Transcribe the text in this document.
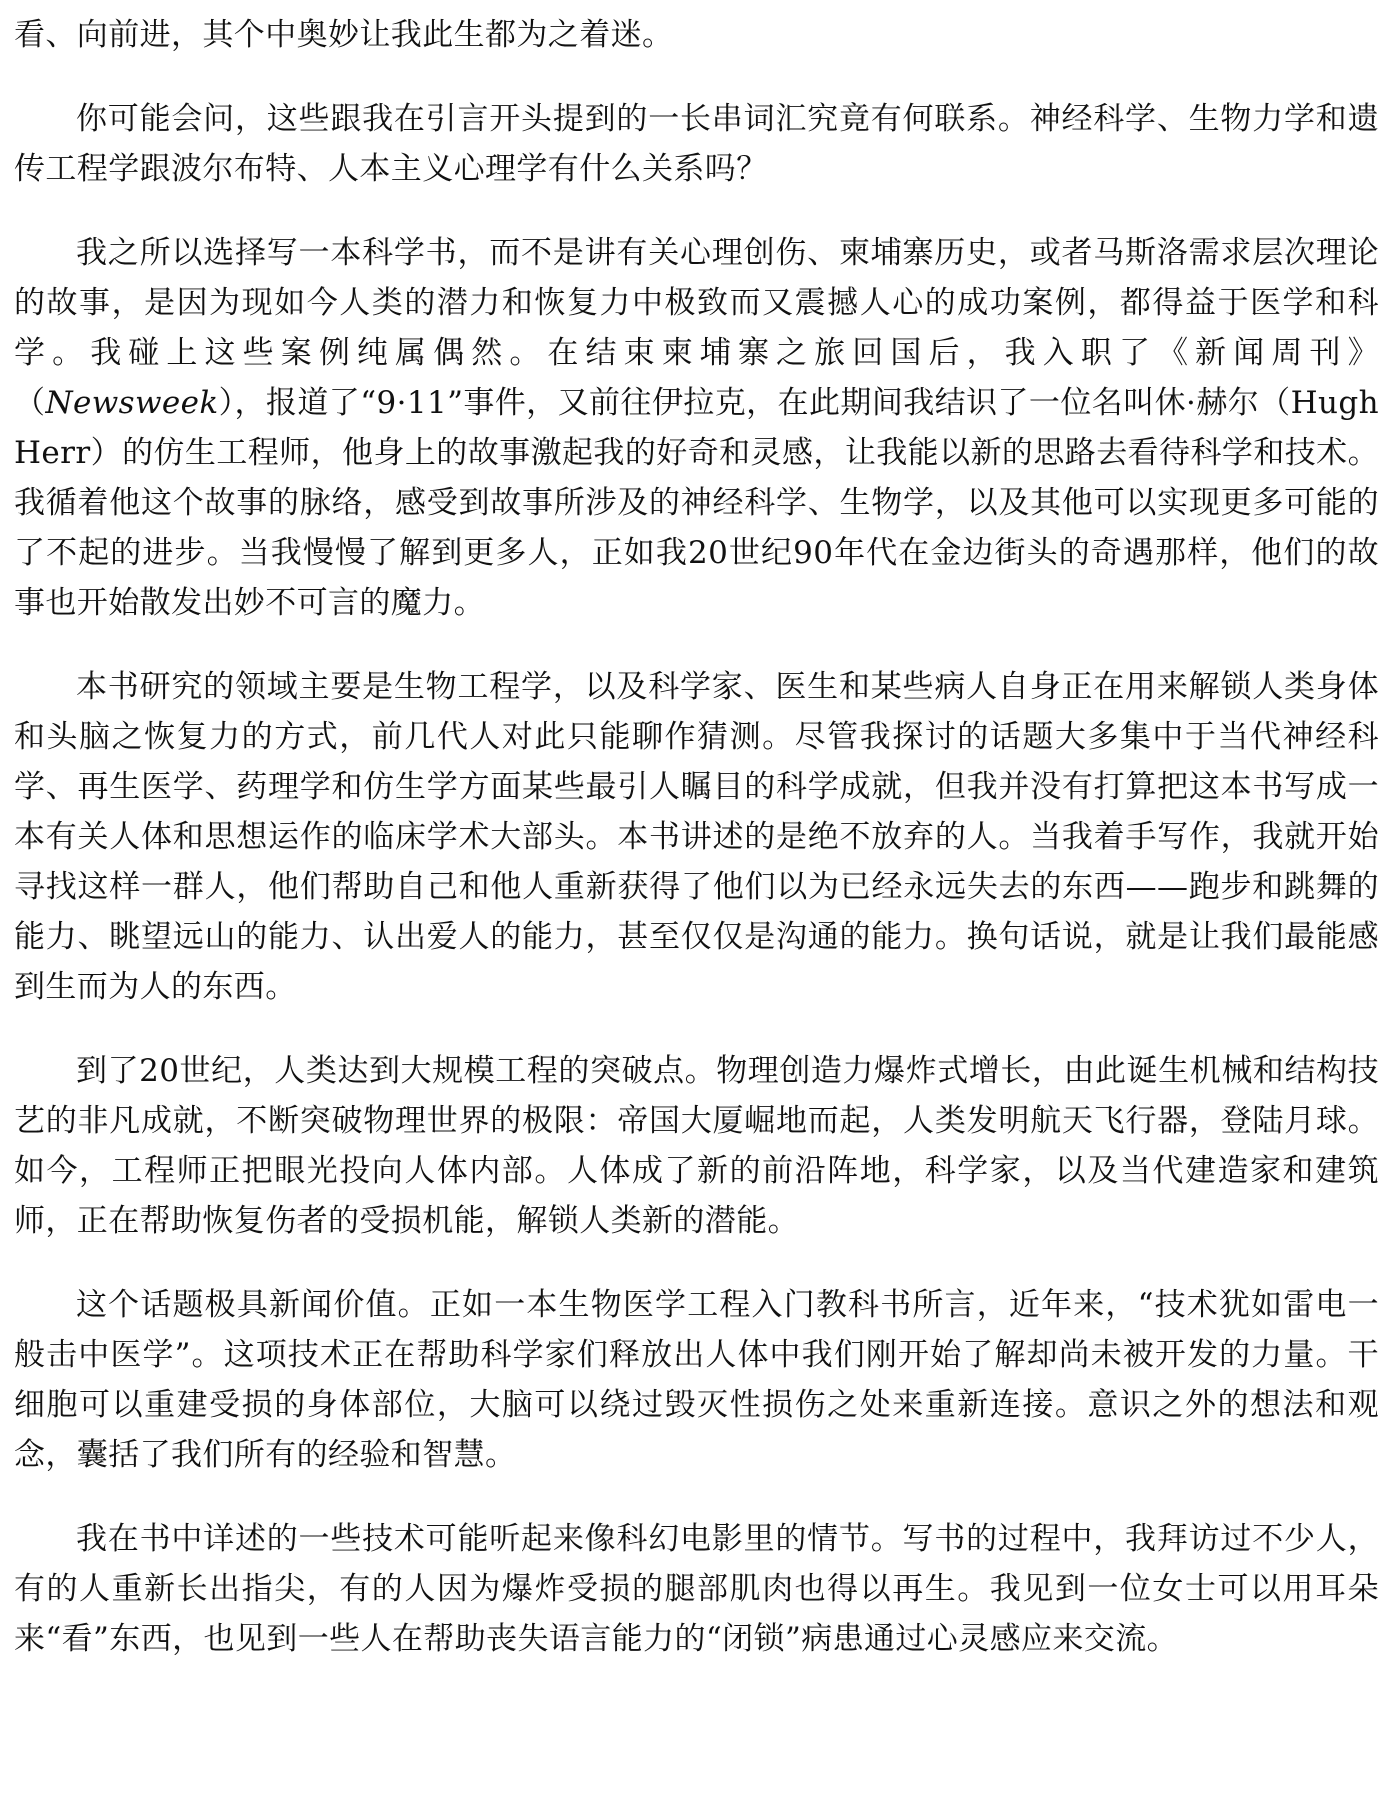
看、向前进，其个中奥妙让我此生都为之着迷。

你可能会问，这些跟我在引言开头提到的一长串词汇究竟有何联系。神经科学、生物力学和遗传工程学跟波尔布特、人本主义心理学有什么关系吗？

我之所以选择写一本科学书，而不是讲有关心理创伤、柬埔寨历史，或者马斯洛需求层次理论的故事，是因为现如今人类的潜力和恢复力中极致而又震撼人心的成功案例，都得益于医学和科学。我碰上这些案例纯属偶然。在结束柬埔寨之旅回国后，我入职了《新闻周刊》（Newsweek），报道了“9·11”事件，又前往伊拉克，在此期间我结识了一位名叫休·赫尔（Hugh Herr）的仿生工程师，他身上的故事激起我的好奇和灵感，让我能以新的思路去看待科学和技术。我循着他这个故事的脉络，感受到故事所涉及的神经科学、生物学，以及其他可以实现更多可能的了不起的进步。当我慢慢了解到更多人，正如我20世纪90年代在金边街头的奇遇那样，他们的故事也开始散发出妙不可言的魔力。

本书研究的领域主要是生物工程学，以及科学家、医生和某些病人自身正在用来解锁人类身体和头脑之恢复力的方式，前几代人对此只能聊作猜测。尽管我探讨的话题大多集中于当代神经科学、再生医学、药理学和仿生学方面某些最引人瞩目的科学成就，但我并没有打算把这本书写成一本有关人体和思想运作的临床学术大部头。本书讲述的是绝不放弃的人。当我着手写作，我就开始寻找这样一群人，他们帮助自己和他人重新获得了他们以为已经永远失去的东西——跑步和跳舞的能力、眺望远山的能力、认出爱人的能力，甚至仅仅是沟通的能力。换句话说，就是让我们最能感到生而为人的东西。

到了20世纪，人类达到大规模工程的突破点。物理创造力爆炸式增长，由此诞生机械和结构技艺的非凡成就，不断突破物理世界的极限：帝国大厦崛地而起，人类发明航天飞行器，登陆月球。如今，工程师正把眼光投向人体内部。人体成了新的前沿阵地，科学家，以及当代建造家和建筑师，正在帮助恢复伤者的受损机能，解锁人类新的潜能。

这个话题极具新闻价值。正如一本生物医学工程入门教科书所言，近年来，“技术犹如雷电一般击中医学”。这项技术正在帮助科学家们释放出人体中我们刚开始了解却尚未被开发的力量。干细胞可以重建受损的身体部位，大脑可以绕过毁灭性损伤之处来重新连接。意识之外的想法和观念，囊括了我们所有的经验和智慧。

我在书中详述的一些技术可能听起来像科幻电影里的情节。写书的过程中，我拜访过不少人，有的人重新长出指尖，有的人因为爆炸受损的腿部肌肉也得以再生。我见到一位女士可以用耳朵来“看”东西，也见到一些人在帮助丧失语言能力的“闭锁”病患通过心灵感应来交流。
